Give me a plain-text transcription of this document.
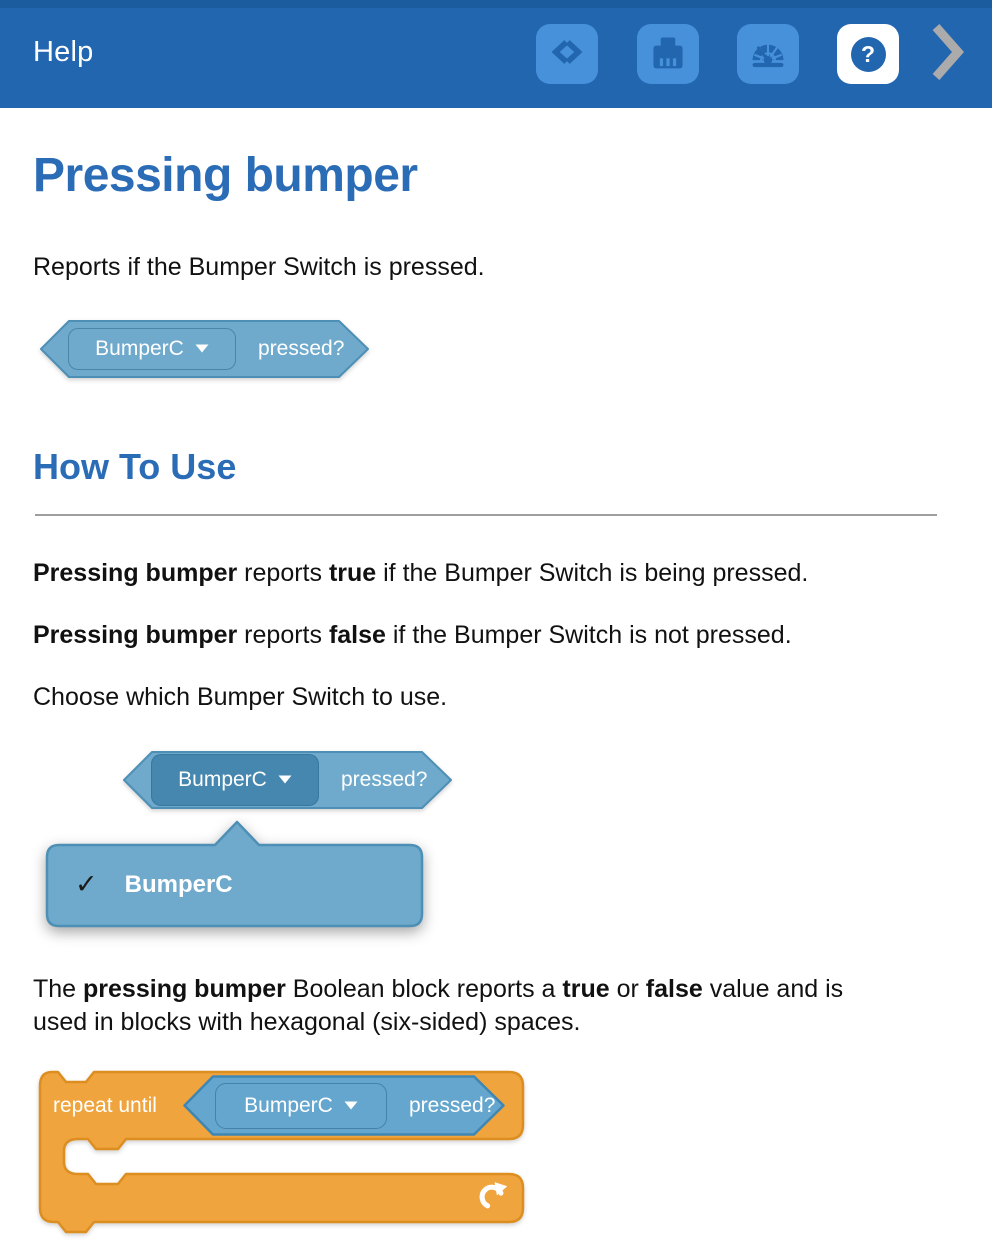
Help	?
Pressing bumper

Reports if the Bumper Switch is pressed.

BumperC	pressed?
How To Use

Pressing bumper reports true if the Bumper Switch is being pressed.

Pressing bumper reports false if the Bumper Switch is not pressed.

Choose which Bumper Switch to use.

BumperC	pressed?
✓ BumperC

The pressing bumper Boolean block reports a true or false value and is used in blocks with hexagonal (six-sided) spaces.

repeat until	BumperC	pressed?
